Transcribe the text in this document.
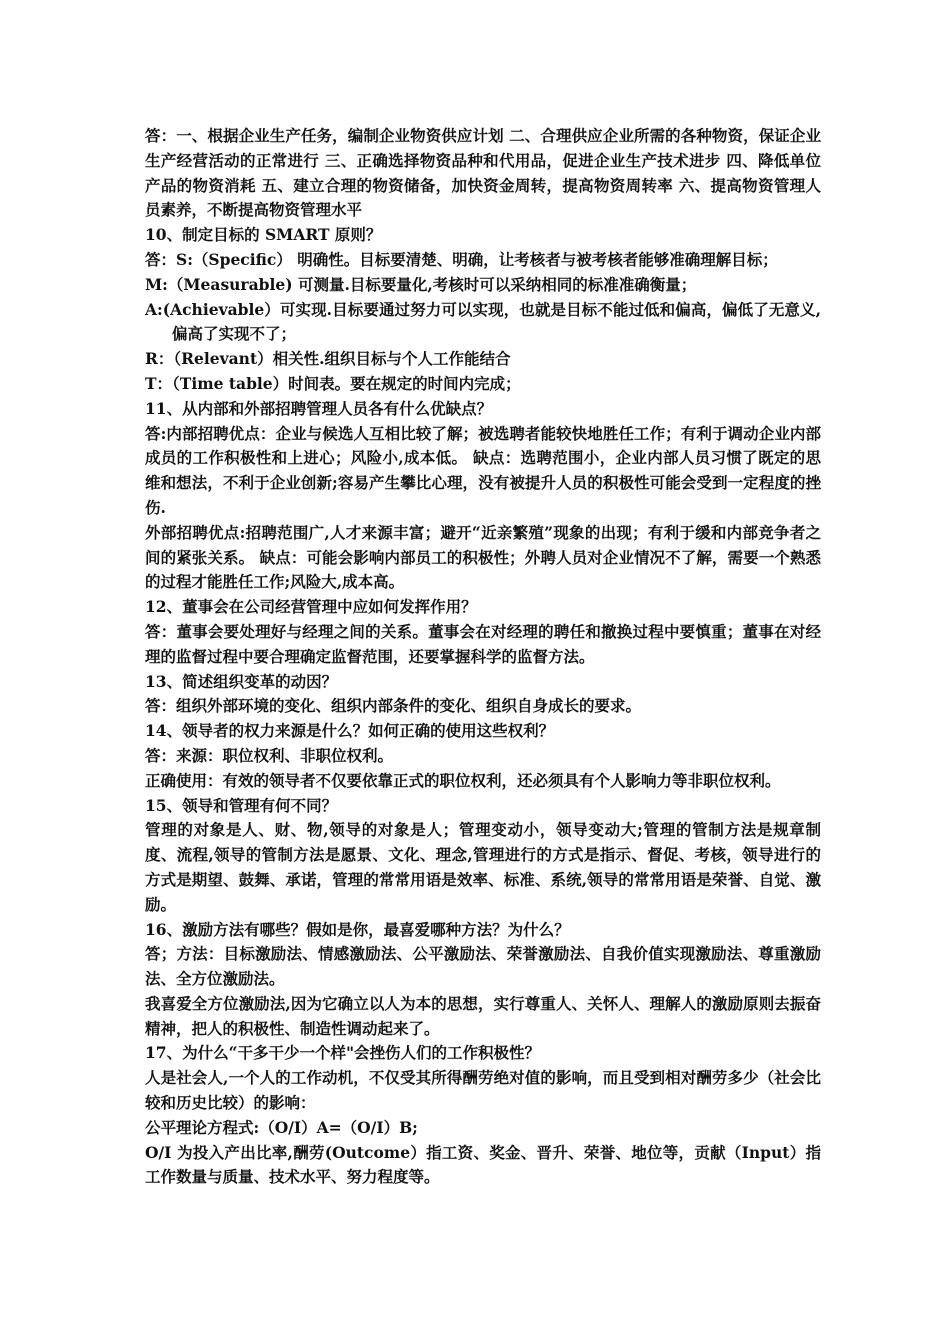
答：一、根据企业生产任务，编制企业物资供应计划 二、合理供应企业所需的各种物资，保证企业生产经营活动的正常进行 三、正确选择物资品种和代用品，促进企业生产技术进步 四、降低单位产品的物资消耗 五、建立合理的物资储备，加快资金周转，提高物资周转率 六、提高物资管理人员素养，不断提高物资管理水平

10、制定目标的 SMART 原则？

答：S:（Specific） 明确性。目标要清楚、明确，让考核者与被考核者能够准确理解目标；

M:（Measurable) 可测量.目标要量化,考核时可以采纳相同的标准准确衡量；

A:(Achievable）可实现.目标要通过努力可以实现，也就是目标不能过低和偏高，偏低了无意义,偏高了实现不了；

R：（Relevant）相关性.组织目标与个人工作能结合

T：（Time table）时间表。要在规定的时间内完成；

11、从内部和外部招聘管理人员各有什么优缺点？

答:内部招聘优点：企业与候选人互相比较了解；被选聘者能较快地胜任工作；有利于调动企业内部成员的工作积极性和上进心；风险小,成本低。 缺点：选聘范围小，企业内部人员习惯了既定的思维和想法，不利于企业创新;容易产生攀比心理，没有被提升人员的积极性可能会受到一定程度的挫伤.

外部招聘优点:招聘范围广,人才来源丰富；避开“近亲繁殖”现象的出现；有利于缓和内部竞争者之间的紧张关系。 缺点：可能会影响内部员工的积极性；外聘人员对企业情况不了解，需要一个熟悉的过程才能胜任工作;风险大,成本高。

12、董事会在公司经营管理中应如何发挥作用？

答：董事会要处理好与经理之间的关系。董事会在对经理的聘任和撤换过程中要慎重；董事在对经理的监督过程中要合理确定监督范围，还要掌握科学的监督方法。

13、简述组织变革的动因？

答：组织外部环境的变化、组织内部条件的变化、组织自身成长的要求。

14、领导者的权力来源是什么？如何正确的使用这些权利？

答：来源：职位权利、非职位权利。

正确使用：有效的领导者不仅要依靠正式的职位权利，还必须具有个人影响力等非职位权利。

15、领导和管理有何不同？

管理的对象是人、财、物,领导的对象是人；管理变动小，领导变动大;管理的管制方法是规章制度、流程,领导的管制方法是愿景、文化、理念,管理进行的方式是指示、督促、考核，领导进行的方式是期望、鼓舞、承诺，管理的常常用语是效率、标准、系统,领导的常常用语是荣誉、自觉、激励。

16、激励方法有哪些？假如是你，最喜爱哪种方法？为什么？

答；方法：目标激励法、情感激励法、公平激励法、荣誉激励法、自我价值实现激励法、尊重激励法、全方位激励法。

我喜爱全方位激励法,因为它确立以人为本的思想，实行尊重人、关怀人、理解人的激励原则去振奋精神，把人的积极性、制造性调动起来了。

17、为什么“干多干少一个样"会挫伤人们的工作积极性？

人是社会人,一个人的工作动机，不仅受其所得酬劳绝对值的影响，而且受到相对酬劳多少（社会比较和历史比较）的影响：

公平理论方程式:（O/I）A=（O/I）B;

O/I 为投入产出比率,酬劳(Outcome）指工资、奖金、晋升、荣誉、地位等，贡献（Input）指工作数量与质量、技术水平、努力程度等。
